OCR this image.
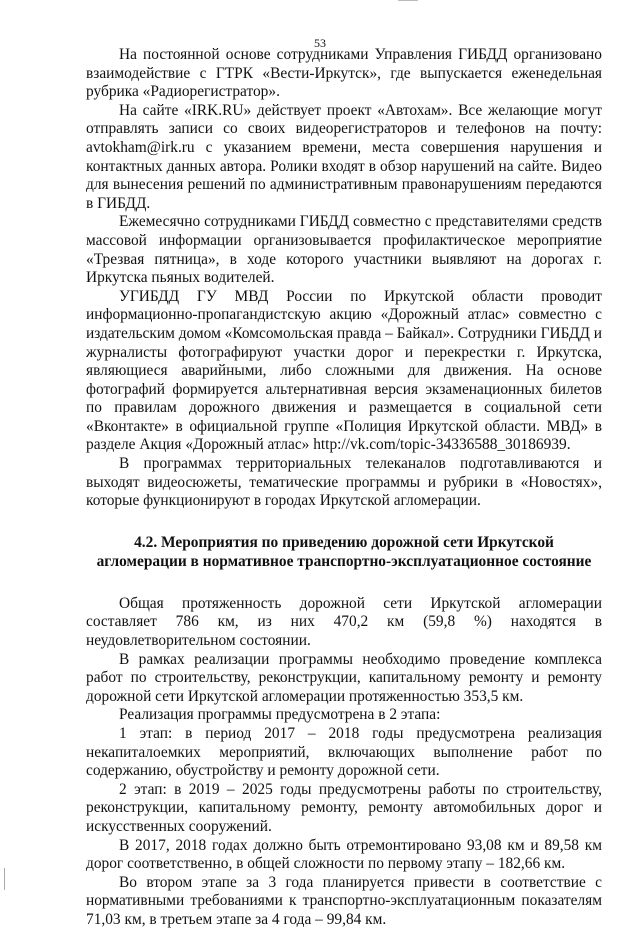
53

На постоянной основе сотрудниками Управления ГИБДД организовано взаимодействие с ГТРК «Вести-Иркутск», где выпускается еженедельная рубрика «Радиорегистратор».

На сайте «IRK.RU» действует проект «Автохам». Все желающие могут отправлять записи со своих видеорегистраторов и телефонов на почту: avtokham@irk.ru с указанием времени, места совершения нарушения и контактных данных автора. Ролики входят в обзор нарушений на сайте. Видео для вынесения решений по административным правонарушениям передаются в ГИБДД.

Ежемесячно сотрудниками ГИБДД совместно с представителями средств массовой информации организовывается профилактическое мероприятие «Трезвая пятница», в ходе которого участники выявляют на дорогах г. Иркутска пьяных водителей.

УГИБДД ГУ МВД России по Иркутской области проводит информационно-пропагандистскую акцию «Дорожный атлас» совместно с издательским домом «Комсомольская правда – Байкал». Сотрудники ГИБДД и журналисты фотографируют участки дорог и перекрестки г. Иркутска, являющиеся аварийными, либо сложными для движения. На основе фотографий формируется альтернативная версия экзаменационных билетов по правилам дорожного движения и размещается в социальной сети «Вконтакте» в официальной группе «Полиция Иркутской области. МВД» в разделе Акция «Дорожный атлас» http://vk.com/topic-34336588_30186939.

В программах территориальных телеканалов подготавливаются и выходят видеосюжеты, тематические программы и рубрики в «Новостях», которые функционируют в городах Иркутской агломерации.

4.2. Мероприятия по приведению дорожной сети Иркутской
агломерации в нормативное транспортно-эксплуатационное состояние

Общая протяженность дорожной сети Иркутской агломерации составляет 786 км, из них 470,2 км (59,8 %) находятся в неудовлетворительном состоянии.

В рамках реализации программы необходимо проведение комплекса работ по строительству, реконструкции, капитальному ремонту и ремонту дорожной сети Иркутской агломерации протяженностью 353,5 км.

Реализация программы предусмотрена в 2 этапа:

1 этап: в период 2017 – 2018 годы предусмотрена реализация некапиталоемких мероприятий, включающих выполнение работ по содержанию, обустройству и ремонту дорожной сети.

2 этап: в 2019 – 2025 годы предусмотрены работы по строительству, реконструкции, капитальному ремонту, ремонту автомобильных дорог и искусственных сооружений.

В 2017, 2018 годах должно быть отремонтировано 93,08 км и 89,58 км дорог соответственно, в общей сложности по первому этапу – 182,66 км.

Во втором этапе за 3 года планируется привести в соответствие с нормативными требованиями к транспортно-эксплуатационным показателям 71,03 км, в третьем этапе за 4 года – 99,84 км.
